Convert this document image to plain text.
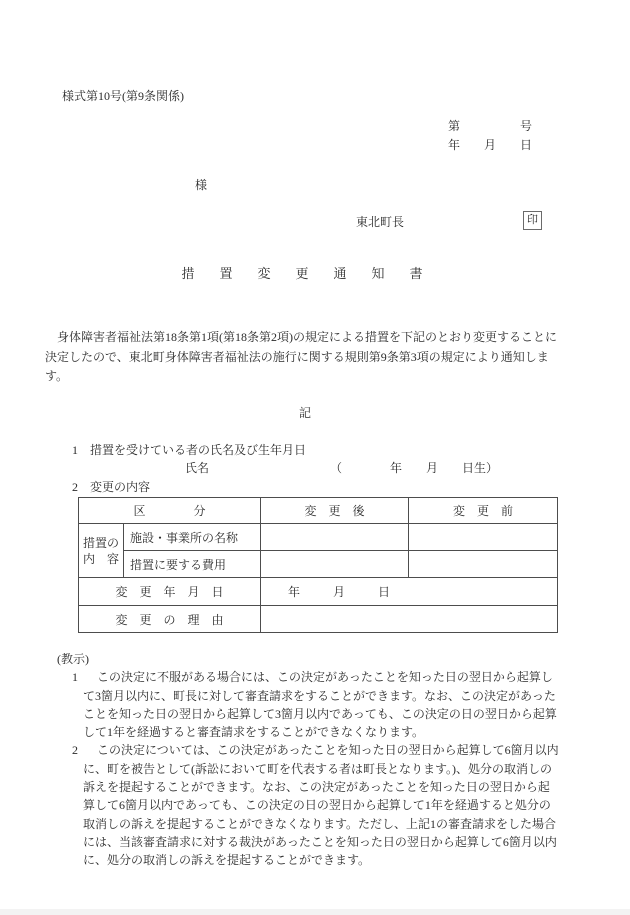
様式第10号(第9条関係)
第　　　　　号
年　　月　　日
様
東北町長	印
措　置　変　更　通　知　書

身体障害者福祉法第18条第1項(第18条第2項)の規定による措置を下記のとおり変更することに決定したので、東北町身体障害者福祉法の施行に関する規則第9条第3項の規定により通知します。

記
1　措置を受けている者の氏名及び生年月日
氏名	（　　　　年　　月　　日生）
2　変更の内容
区　　　　分		変　更　後	変　更　前

措置の
内　容	施設・事業所の名称		
	措置に要する費用		
変　更　年　月　日		年　　月　　日	
変　更　の　理　由			

(教示)

1 この決定に不服がある場合には、この決定があったことを知った日の翌日から起算して3箇月以内に、町長に対して審査請求をすることができます。なお、この決定があったことを知った日の翌日から起算して3箇月以内であっても、この決定の日の翌日から起算して1年を経過すると審査請求をすることができなくなります。
2 この決定については、この決定があったことを知った日の翌日から起算して6箇月以内に、町を被告として(訴訟において町を代表する者は町長となります。)、処分の取消しの訴えを提起することができます。なお、この決定があったことを知った日の翌日から起算して6箇月以内であっても、この決定の日の翌日から起算して1年を経過すると処分の取消しの訴えを提起することができなくなります。ただし、上記1の審査請求をした場合には、当該審査請求に対する裁決があったことを知った日の翌日から起算して6箇月以内に、処分の取消しの訴えを提起することができます。
